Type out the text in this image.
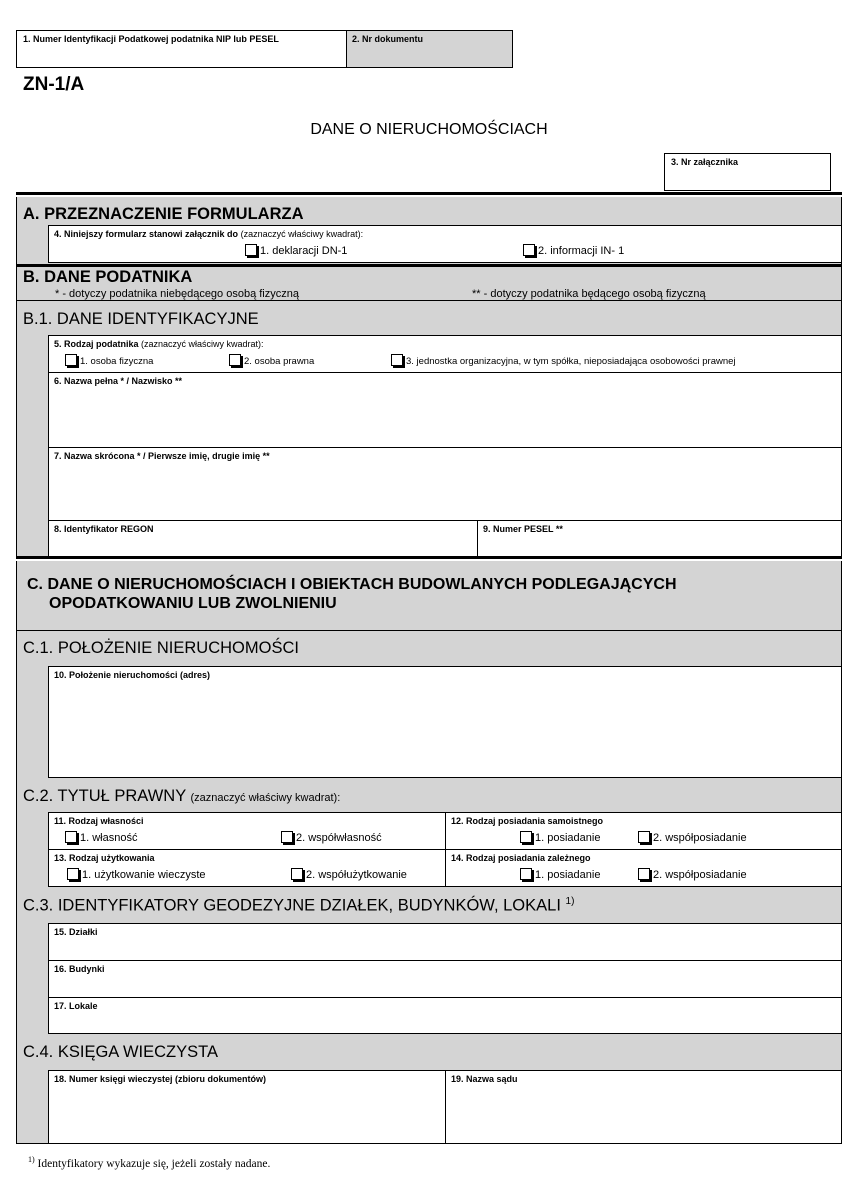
1. Numer Identyfikacji Podatkowej podatnika NIP lub PESEL	2. Nr dokumentu
ZN-1/A
DANE O NIERUCHOMOŚCIACH
3. Nr załącznika
A. PRZEZNACZENIE FORMULARZA
4. Niniejszy formularz stanowi załącznik do (zaznaczyć właściwy kwadrat):
1. deklaracji DN-1	2. informacji IN- 1
B. DANE PODATNIKA
* - dotyczy podatnika niebędącego osobą fizyczną	** - dotyczy podatnika będącego osobą fizyczną
B.1. DANE IDENTYFIKACYJNE
5. Rodzaj podatnika (zaznaczyć właściwy kwadrat):
1. osoba fizyczna	2. osoba prawna	3. jednostka organizacyjna, w tym spółka, nieposiadająca osobowości prawnej
6. Nazwa pełna * / Nazwisko **
7. Nazwa skrócona * / Pierwsze imię, drugie imię **
8. Identyfikator REGON	9. Numer PESEL **
C. DANE O NIERUCHOMOŚCIACH I OBIEKTACH BUDOWLANYCH PODLEGAJĄCYCH
OPODATKOWANIU LUB ZWOLNIENIU
C.1. POŁOŻENIE NIERUCHOMOŚCI
10. Położenie nieruchomości (adres)
C.2. TYTUŁ PRAWNY (zaznaczyć właściwy kwadrat):
11. Rodzaj własności
1. własność	2. współwłasność
12. Rodzaj posiadania samoistnego
1. posiadanie	2. współposiadanie
13. Rodzaj użytkowania
1. użytkowanie wieczyste	2. współużytkowanie
14. Rodzaj posiadania zależnego
1. posiadanie	2. współposiadanie
C.3. IDENTYFIKATORY GEODEZYJNE DZIAŁEK, BUDYNKÓW, LOKALI $^{1)}$
15. Działki
16. Budynki
17. Lokale
C.4. KSIĘGA WIECZYSTA
18. Numer księgi wieczystej (zbioru dokumentów)	19. Nazwa sądu
$^{1)}$ Identyfikatory wykazuje się, jeżeli zostały nadane.
